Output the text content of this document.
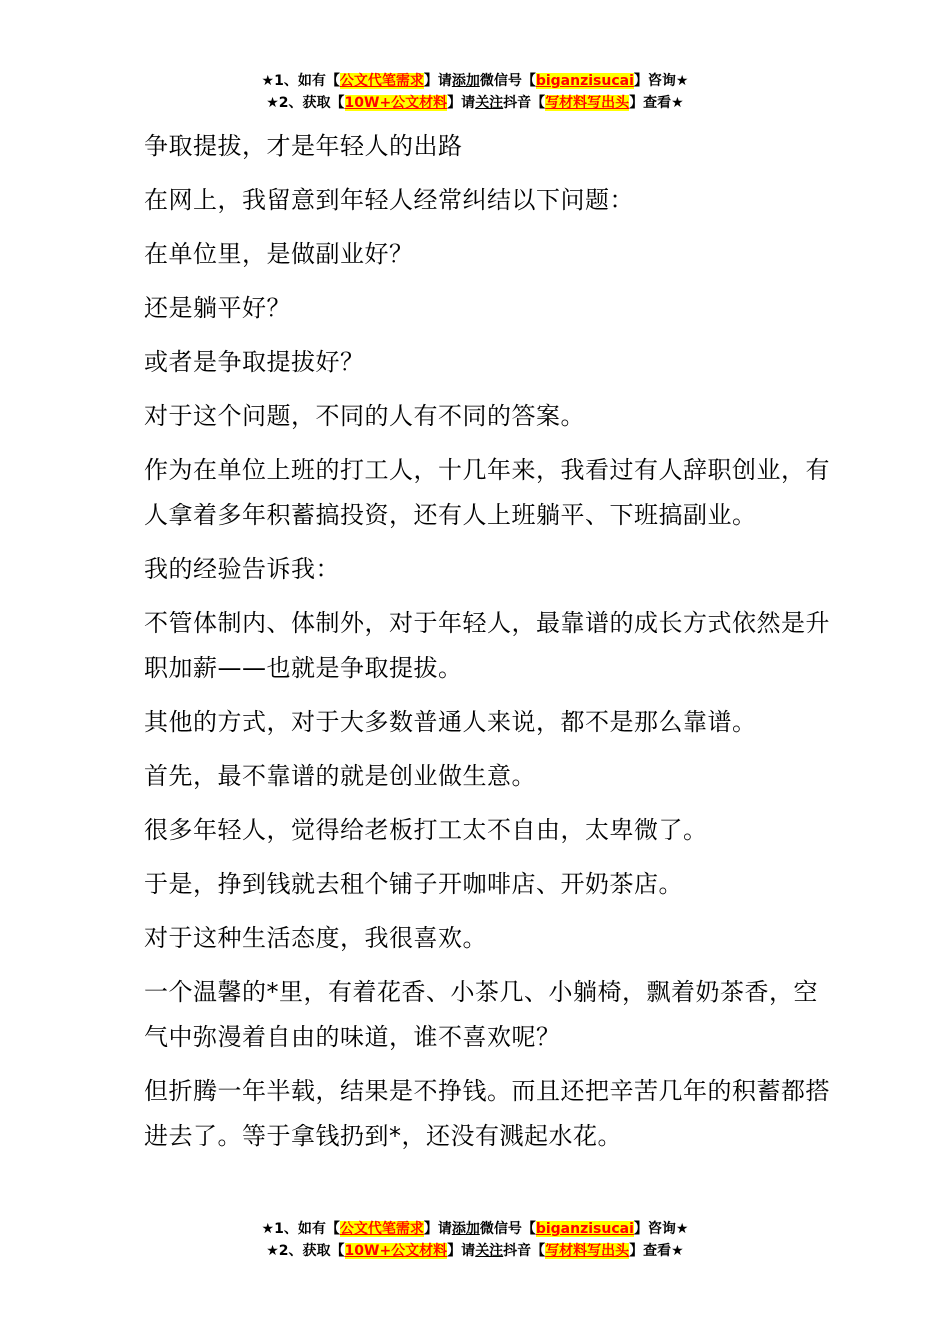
★1、如有【公文代笔需求】请添加微信号【biganzisucai】咨询★
★2、获取【10W+公文材料】请关注抖音【写材料写出头】查看★

争取提拔，才是年轻人的出路

在网上，我留意到年轻人经常纠结以下问题：

在单位里，是做副业好？

还是躺平好？

或者是争取提拔好？

对于这个问题，不同的人有不同的答案。

作为在单位上班的打工人，十几年来，我看过有人辞职创业，有人拿着多年积蓄搞投资，还有人上班躺平、下班搞副业。

我的经验告诉我：

不管体制内、体制外，对于年轻人，最靠谱的成长方式依然是升职加薪——也就是争取提拔。

其他的方式，对于大多数普通人来说，都不是那么靠谱。

首先，最不靠谱的就是创业做生意。

很多年轻人，觉得给老板打工太不自由，太卑微了。

于是，挣到钱就去租个铺子开咖啡店、开奶茶店。

对于这种生活态度，我很喜欢。

一个温馨的*里，有着花香、小茶几、小躺椅，飘着奶茶香，空气中弥漫着自由的味道，谁不喜欢呢？

但折腾一年半载，结果是不挣钱。而且还把辛苦几年的积蓄都搭进去了。等于拿钱扔到*，还没有溅起水花。

★1、如有【公文代笔需求】请添加微信号【biganzisucai】咨询★
★2、获取【10W+公文材料】请关注抖音【写材料写出头】查看★
